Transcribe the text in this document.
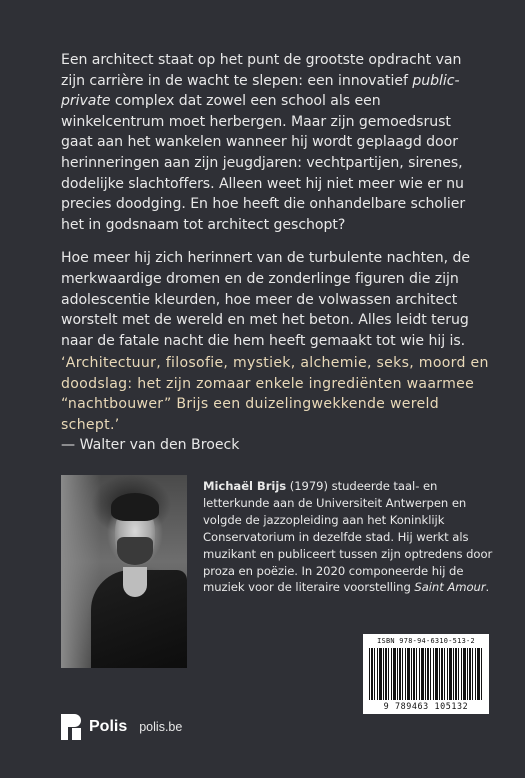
Een architect staat op het punt de grootste opdracht van zijn carrière in de wacht te slepen: een innovatief public-private complex dat zowel een school als een winkelcentrum moet herbergen. Maar zijn gemoedsrust gaat aan het wankelen wanneer hij wordt geplaagd door herinneringen aan zijn jeugdjaren: vechtpartijen, sirenes, dodelijke slachtoffers. Alleen weet hij niet meer wie er nu precies doodging. En hoe heeft die onhandelbare scholier het in godsnaam tot architect geschopt?

Hoe meer hij zich herinnert van de turbulente nachten, de merkwaardige dromen en de zonderlinge figuren die zijn adolescentie kleurden, hoe meer de volwassen architect worstelt met de wereld en met het beton. Alles leidt terug naar de fatale nacht die hem heeft gemaakt tot wie hij is.

‘Architectuur, filosofie, mystiek, alchemie, seks, moord en doodslag: het zijn zomaar enkele ingrediënten waarmee “nachtbouwer” Brijs een duizelingwekkende wereld schept.’
— Walter van den Broeck

Michaël Brijs (1979) studeerde taal- en letterkunde aan de Universiteit Antwerpen en volgde de jazzopleiding aan het Koninklijk Conservatorium in dezelfde stad. Hij werkt als muzikant en publiceert tussen zijn optredens door proza en poëzie. In 2020 componeerde hij de muziek voor de literaire voorstelling Saint Amour.

ISBN 978-94-6310-513-2
9 789463 105132
Polis polis.be
